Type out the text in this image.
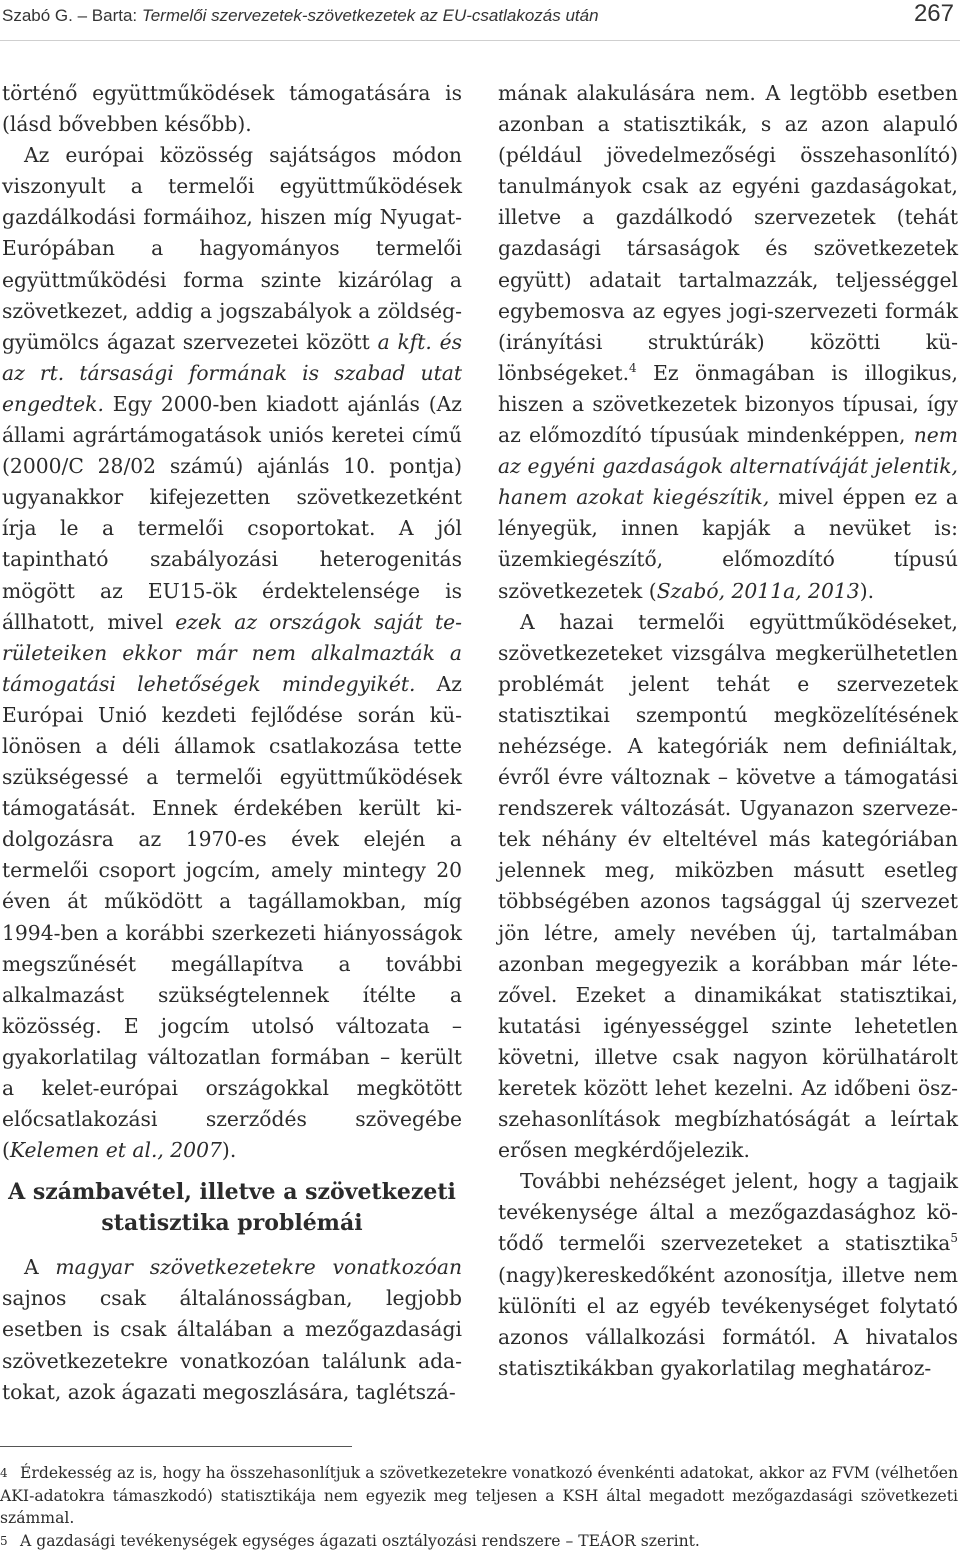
Szabó G. – Barta: Termelői szervezetek-szövetkezetek az EU-csatlakozás után	267

történő együttműködések támogatására is (lásd bővebben később).

Az európai közösség sajátságos módon viszonyult a termelői együttműködések gazdálkodási formáihoz, hiszen míg Nyugat-Európában a hagyományos termelői együttműködési forma szinte kizárólag a szövetkezet, addig a jogszabályok a zöldség-gyümölcs ágazat szervezetei között a kft. és az rt. társasági formának is szabad utat engedtek. Egy 2000-ben kiadott ajánlás (Az állami agrártámogatások uniós keretei című (2000/C 28/02 számú) ajánlás 10. pontja) ugyanakkor kifejezetten szövetkezetként írja le a termelői csoportokat. A jól tapintható szabályozási heterogenitás mögött az EU15-ök érdektelensége is állhatott, mivel ezek az országok saját területeiken ekkor már nem alkalmazták a támogatási lehetőségek mindegyikét. Az Európai Unió kezdeti fejlődése során különösen a déli államok csatlakozása tette szükségessé a termelői együttműködések támogatását. Ennek érdekében került kidolgozásra az 1970-es évek elején a termelői csoport jogcím, amely mintegy 20 éven át működött a tagállamokban, míg 1994-ben a korábbi szerkezeti hiányosságok megszűnését megállapítva a további alkalmazást szükségtelennek ítélte a közösség. E jogcím utolsó változata – gyakorlatilag változatlan formában – került a kelet-európai országokkal megkötött előcsatlakozási szerződés szövegébe (Kelemen et al., 2007).

A számbavétel, illetve a szövetkezeti statisztika problémái

A magyar szövetkezetekre vonatkozóan sajnos csak általánosságban, legjobb esetben is csak általában a mezőgazdasági szövetkezetekre vonatkozóan találunk adatokat, azok ágazati megoszlására, taglétszá-

mának alakulására nem. A legtöbb esetben azonban a statisztikák, s az azon alapuló (például jövedelmezőségi összehasonlító) tanulmányok csak az egyéni gazdaságokat, illetve a gazdálkodó szervezetek (tehát gazdasági társaságok és szövetkezetek együtt) adatait tartalmazzák, teljességgel egybemosva az egyes jogi-szervezeti formák (irányítási struktúrák) közötti különbségeket.$^4$ Ez önmagában is illogikus, hiszen a szövetkezetek bizonyos típusai, így az előmozdító típusúak mindenképpen, nem az egyéni gazdaságok alternatíváját jelentik, hanem azokat kiegészítik, mivel éppen ez a lényegük, innen kapják a nevüket is: üzemkiegészítő, előmozdító típusú szövetkezetek (Szabó, 2011a, 2013).

A hazai termelői együttműködéseket, szövetkezeteket vizsgálva megkerülhetetlen problémát jelent tehát e szervezetek statisztikai szempontú megközelítésének nehézsége. A kategóriák nem definiáltak, évről évre változnak – követve a támogatási rendszerek változását. Ugyanazon szervezetek néhány év elteltével más kategóriában jelennek meg, miközben másutt esetleg többségében azonos tagsággal új szervezet jön létre, amely nevében új, tartalmában azonban megegyezik a korábban már létezővel. Ezeket a dinamikákat statisztikai, kutatási igényességgel szinte lehetetlen követni, illetve csak nagyon körülhatárolt keretek között lehet kezelni. Az időbeni öszszehasonlítások megbízhatóságát a leírtak erősen megkérdőjelezik.

További nehézséget jelent, hogy a tagjaik tevékenysége által a mezőgazdasághoz kötődő termelői szervezeteket a statisztika$^5$ (nagy)kereskedőként azonosítja, illetve nem különíti el az egyéb tevékenységet folytató azonos vállalkozási formától. A hivatalos statisztikákban gyakorlatilag meghatároz-

4 Érdekesség az is, hogy ha összehasonlítjuk a szövetkezetekre vonatkozó évenkénti adatokat, akkor az FVM (vélhetően AKI-adatokra támaszkodó) statisztikája nem egyezik meg teljesen a KSH által megadott mezőgazdasági szövetkezeti számmal.

5 A gazdasági tevékenységek egységes ágazati osztályozási rendszere – TEÁOR szerint.
